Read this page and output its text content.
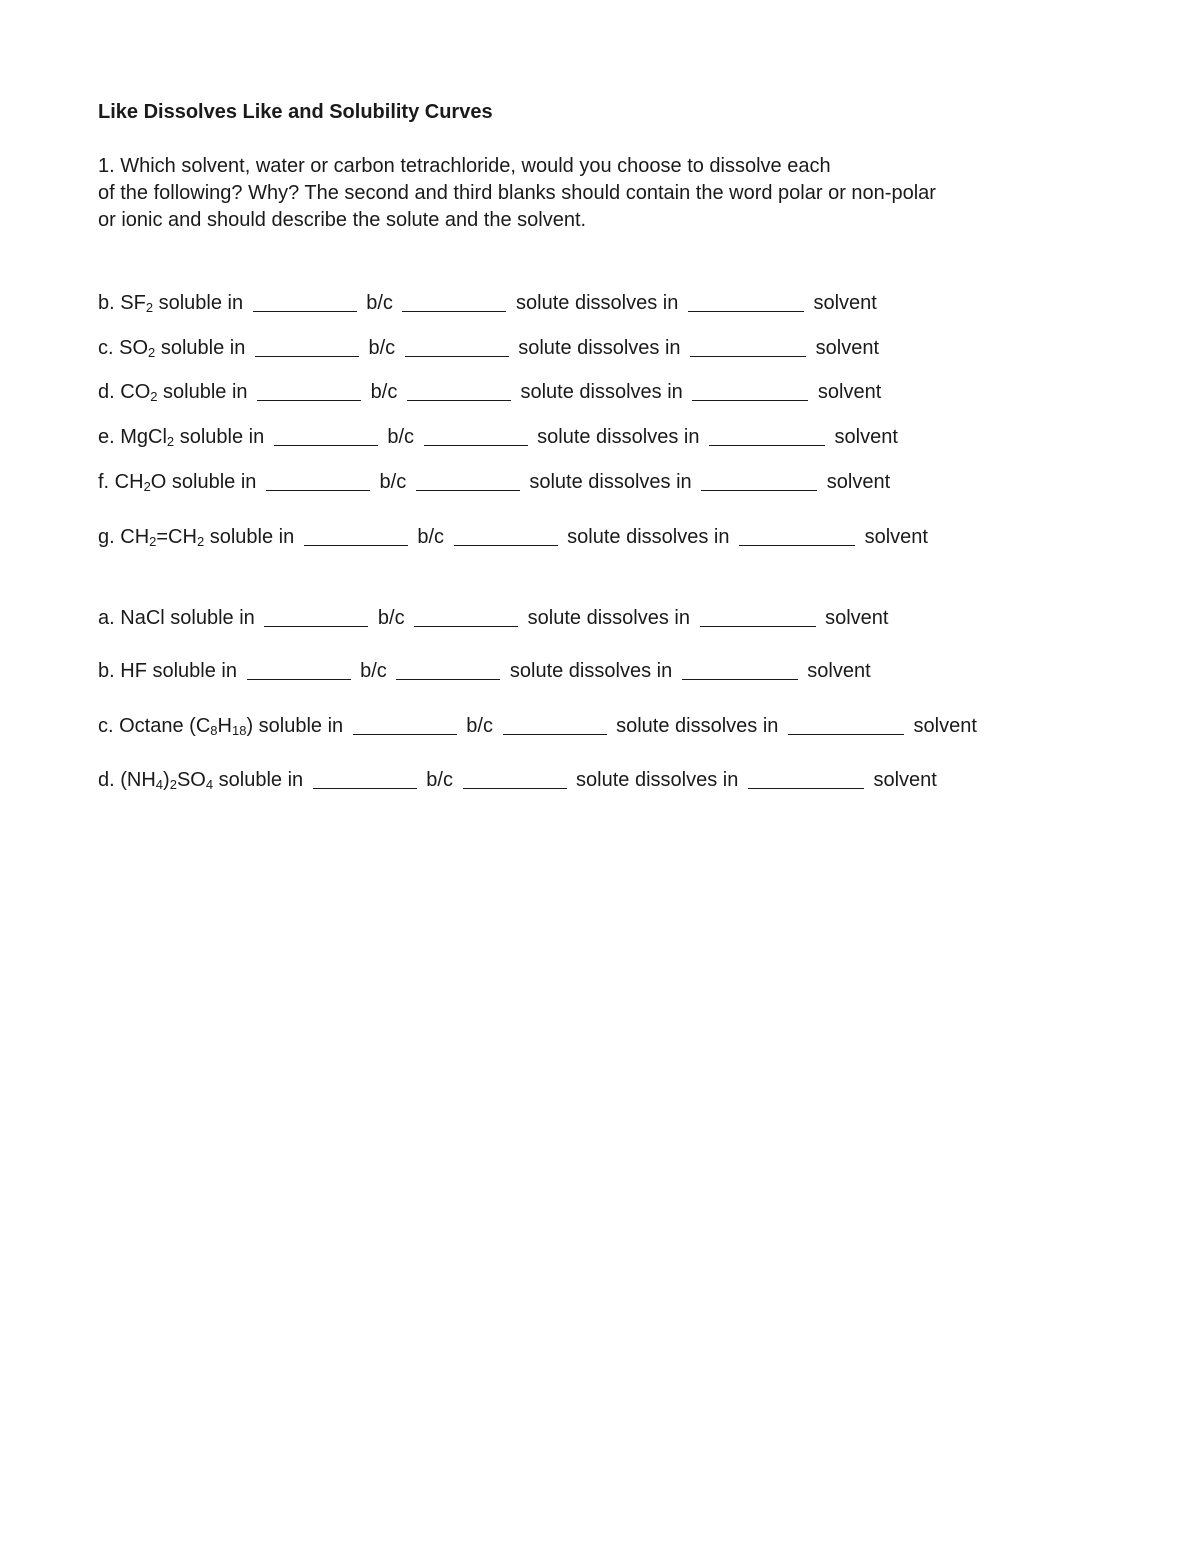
Like Dissolves Like and Solubility Curves
1. Which solvent, water or carbon tetrachloride, would you choose to dissolve each
of the following? Why? The second and third blanks should contain the word polar or non-polar
or ionic and should describe the solute and the solvent.
b. SF2 soluble in	b/c	solute dissolves in	solvent
c. SO2 soluble in	b/c	solute dissolves in	solvent
d. CO2 soluble in	b/c	solute dissolves in	solvent
e. MgCl2 soluble in	b/c	solute dissolves in	solvent
f. CH2O soluble in	b/c	solute dissolves in	solvent
g. CH2=CH2 soluble in	b/c	solute dissolves in	solvent
a. NaCl soluble in	b/c	solute dissolves in	solvent
b. HF soluble in	b/c	solute dissolves in	solvent
c. Octane (C8H18) soluble in	b/c	solute dissolves in	solvent
d. (NH4)2SO4 soluble in	b/c	solute dissolves in	solvent
